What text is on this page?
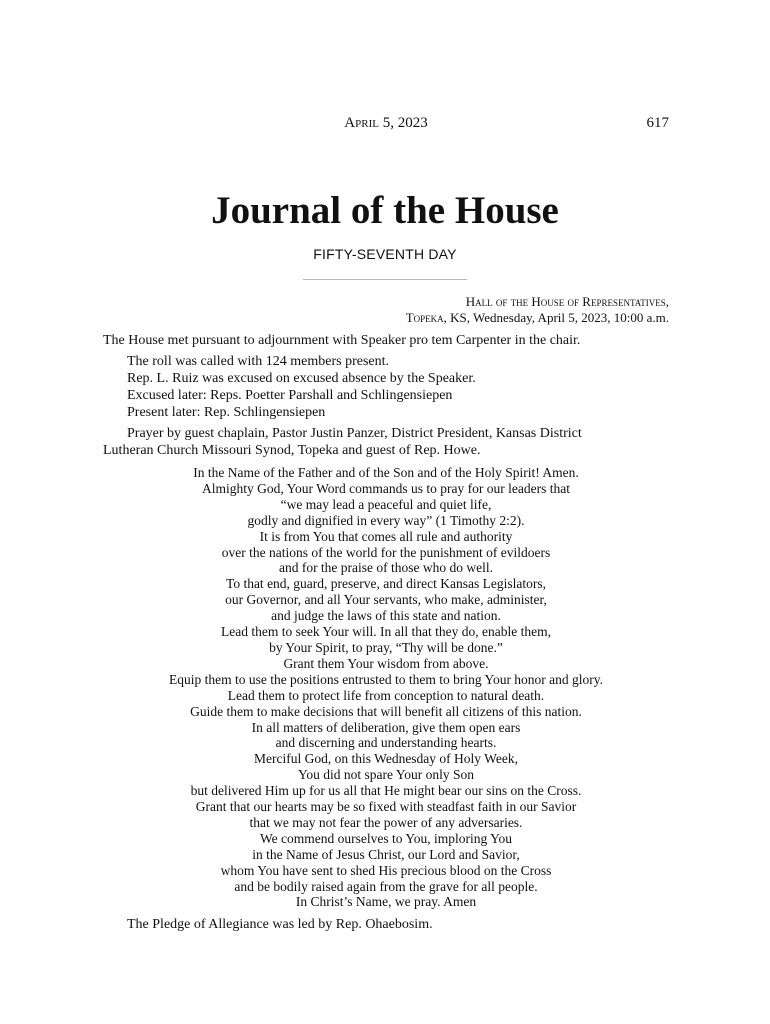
April 5, 2023	617
Journal of the House
FIFTY-SEVENTH DAY
Hall of the House of Representatives,
Topeka, KS, Wednesday, April 5, 2023, 10:00 a.m.

The House met pursuant to adjournment with Speaker pro tem Carpenter in the chair.

The roll was called with 124 members present.

Rep. L. Ruiz was excused on excused absence by the Speaker.

Excused later: Reps. Poetter Parshall and Schlingensiepen

Present later: Rep. Schlingensiepen

Prayer by guest chaplain, Pastor Justin Panzer, District President, Kansas District

Lutheran Church Missouri Synod, Topeka and guest of Rep. Howe.

In the Name of the Father and of the Son and of the Holy Spirit! Amen.
Almighty God, Your Word commands us to pray for our leaders that
“we may lead a peaceful and quiet life,
godly and dignified in every way” (1 Timothy 2:2).
It is from You that comes all rule and authority
over the nations of the world for the punishment of evildoers
and for the praise of those who do well.
To that end, guard, preserve, and direct Kansas Legislators,
our Governor, and all Your servants, who make, administer,
and judge the laws of this state and nation.
Lead them to seek Your will. In all that they do, enable them,
by Your Spirit, to pray, “Thy will be done.”
Grant them Your wisdom from above.
Equip them to use the positions entrusted to them to bring Your honor and glory.
Lead them to protect life from conception to natural death.
Guide them to make decisions that will benefit all citizens of this nation.
In all matters of deliberation, give them open ears
and discerning and understanding hearts.
Merciful God, on this Wednesday of Holy Week,
You did not spare Your only Son
but delivered Him up for us all that He might bear our sins on the Cross.
Grant that our hearts may be so fixed with steadfast faith in our Savior
that we may not fear the power of any adversaries.
We commend ourselves to You, imploring You
in the Name of Jesus Christ, our Lord and Savior,
whom You have sent to shed His precious blood on the Cross
and be bodily raised again from the grave for all people.
In Christ’s Name, we pray. Amen

The Pledge of Allegiance was led by Rep. Ohaebosim.
